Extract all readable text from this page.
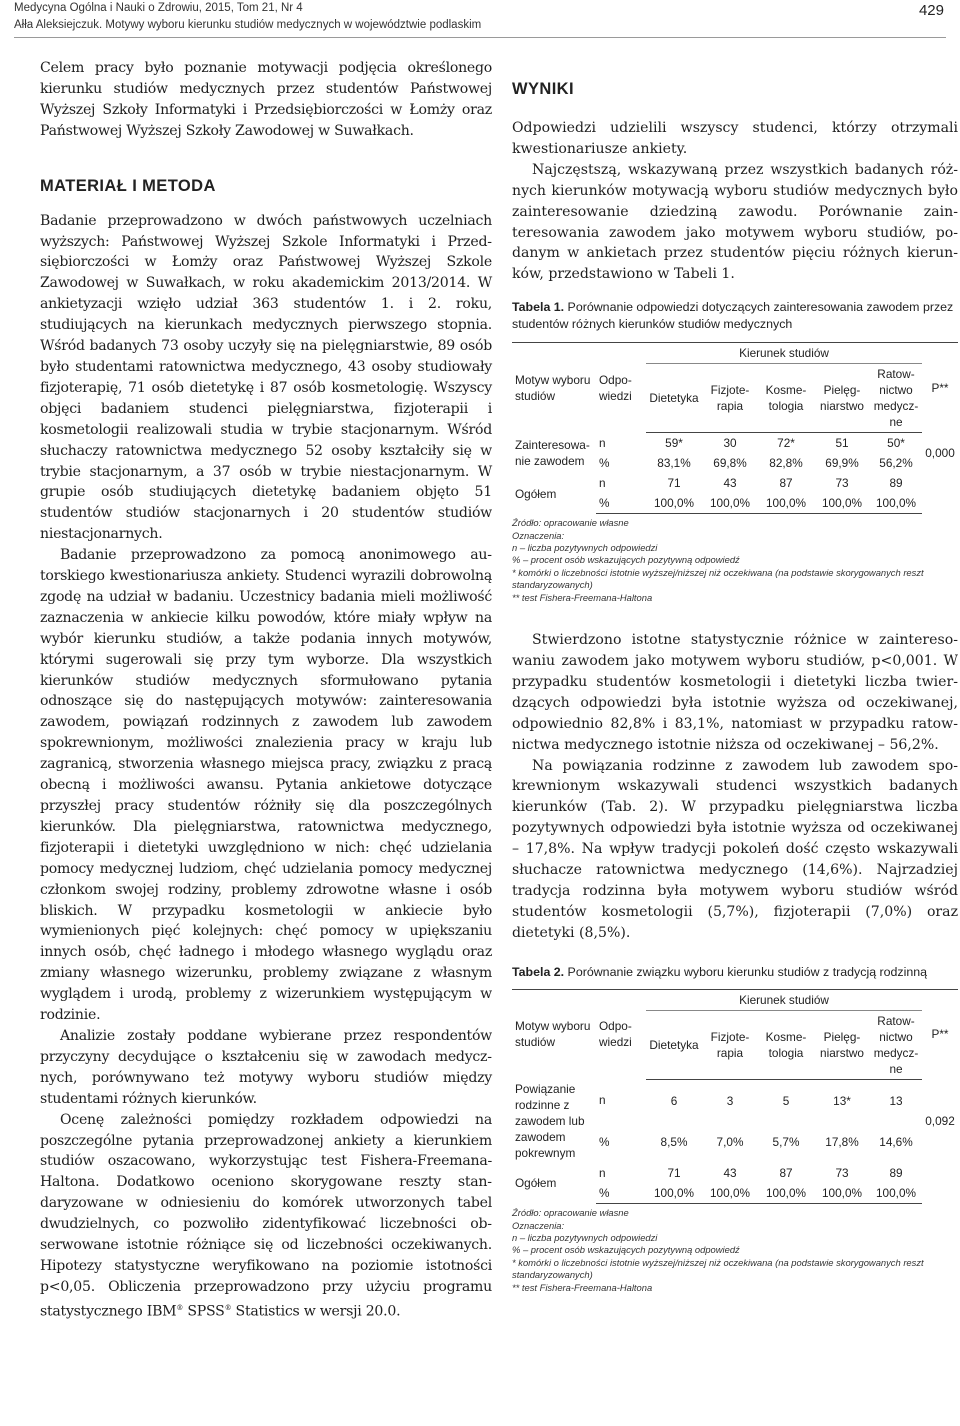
Medycyna Ogólna i Nauki o Zdrowiu, 2015, Tom 21, Nr 4
Ałła Aleksiejczuk. Motywy wyboru kierunku studiów medycznych w województwie podlaskim
429

Celem pracy było poznanie motywacji podjęcia określonego kierunku studiów medycznych przez studentów Państwowej Wyższej Szkoły Informatyki i Przedsiębiorczości w Łomży oraz Państwowej Wyższej Szkoły Zawodowej w Suwałkach.

MATERIAŁ I METODA

Badanie przeprowadzono w dwóch państwowych uczelniach wyższych: Państwowej Wyższej Szkole Informatyki i Przedsiębiorczości w Łomży oraz Państwowej Wyższej Szkole Zawodowej w Suwałkach, w roku akademickim 2013/2014. W ankietyzacji wzięło udział 363 studentów 1. i 2. roku, studiujących na kierunkach medycznych pierwszego stopnia. Wśród badanych 73 osoby uczyły się na pielęgniarstwie, 89 osób było studentami ratownictwa medycznego, 43 osoby studiowały fizjoterapię, 71 osób dietetykę i 87 osób kosmetologię. Wszyscy objęci badaniem studenci pielęgniarstwa, fizjoterapii i kosmetologii realizowali studia w trybie stacjonarnym. Wśród słuchaczy ratownictwa medycznego 52 osoby kształciły się w trybie stacjonarnym, a 37 osób w trybie niestacjonarnym. W grupie osób studiujących dietetykę badaniem objęto 51 studentów studiów stacjonarnych i 20 studentów studiów niestacjonarnych.

Badanie przeprowadzono za pomocą anonimowego autorskiego kwestionariusza ankiety. Studenci wyrazili dobrowolną zgodę na udział w badaniu. Uczestnicy badania mieli możliwość zaznaczenia w ankiecie kilku powodów, które miały wpływ na wybór kierunku studiów, a także podania innych motywów, którymi sugerowali się przy tym wyborze. Dla wszystkich kierunków studiów medycznych sformułowano pytania odnoszące się do następujących motywów: zainteresowania zawodem, powiązań rodzinnych z zawodem lub zawodem spokrewnionym, możliwości znalezienia pracy w kraju lub zagranicą, stworzenia własnego miejsca pracy, związku z pracą obecną i możliwości awansu. Pytania ankietowe dotyczące przyszłej pracy studentów różniły się dla poszczególnych kierunków. Dla pielęgniarstwa, ratownictwa medycznego, fizjoterapii i dietetyki uwzględniono w nich: chęć udzielania pomocy medycznej ludziom, chęć udzielania pomocy medycznej członkom swojej rodziny, problemy zdrowotne własne i osób bliskich. W przypadku kosmetologii w ankiecie było wymienionych pięć kolejnych: chęć pomocy w upiększaniu innych osób, chęć ładnego i młodego własnego wyglądu oraz zmiany własnego wizerunku, problemy związane z własnym wyglądem i urodą, problemy z wizerunkiem występującym w rodzinie.

Analizie zostały poddane wybierane przez respondentów przyczyny decydujące o kształceniu się w zawodach medycznych, porównywano też motywy wyboru studiów między studentami różnych kierunków.

Ocenę zależności pomiędzy rozkładem odpowiedzi na poszczególne pytania przeprowadzonej ankiety a kierunkiem studiów oszacowano, wykorzystując test Fishera-Freemana-Haltona. Dodatkowo oceniono skorygowane reszty standaryzowane w odniesieniu do komórek utworzonych tabel dwudzielnych, co pozwoliło zidentyfikować liczebności obserwowane istotnie różniące się od liczebności oczekiwanych. Hipotezy statystyczne weryfikowano na poziomie istotności p<0,05. Obliczenia przeprowadzono przy użyciu programu statystycznego IBM® SPSS® Statistics w wersji 20.0.

WYNIKI

Odpowiedzi udzielili wszyscy studenci, którzy otrzymali kwestionariusze ankiety.

Najczęstszą, wskazywaną przez wszystkich badanych różnych kierunków motywacją wyboru studiów medycznych było zainteresowanie dziedziną zawodu. Porównanie zainteresowania zawodem jako motywem wyboru studiów, podanym w ankietach przez studentów pięciu różnych kierunków, przedstawiono w Tabeli 1.

Tabela 1. Porównanie odpowiedzi dotyczących zainteresowania zawodem przez studentów różnych kierunków studiów medycznych
Motyw wyboru studiów	Odpowiedzi	Kierunek studiów					P**
		Dietetyka	Fizjoterapia	Kosmetologia	Pielęgniarstwo	Ratownictwo medyczne	
Zainteresowanie zawodem	n	59*	30	72*	51	50*	0,000
	%	83,1%	69,8%	82,8%	69,9%	56,2%	
Ogółem	n	71	43	87	73	89	
	%	100,0%	100,0%	100,0%	100,0%	100,0%	
Źródło: opracowanie własne
Oznaczenia:
n – liczba pozytywnych odpowiedzi
% – procent osób wskazujących pozytywną odpowiedź
* komórki o liczebności istotnie wyższej/niższej niż oczekiwana (na podstawie skorygowanych reszt standaryzowanych)
** test Fishera-Freemana-Haltona

Stwierdzono istotne statystycznie różnice w zainteresowaniu zawodem jako motywem wyboru studiów, p<0,001. W przypadku studentów kosmetologii i dietetyki liczba twierdzących odpowiedzi była istotnie wyższa od oczekiwanej, odpowiednio 82,8% i 83,1%, natomiast w przypadku ratownictwa medycznego istotnie niższa od oczekiwanej – 56,2%.

Na powiązania rodzinne z zawodem lub zawodem spokrewnionym wskazywali studenci wszystkich badanych kierunków (Tab. 2). W przypadku pielęgniarstwa liczba pozytywnych odpowiedzi była istotnie wyższa od oczekiwanej – 17,8%. Na wpływ tradycji pokoleń dość często wskazywali słuchacze ratownictwa medycznego (14,6%). Najrzadziej tradycja rodzinna była motywem wyboru studiów wśród studentów kosmetologii (5,7%), fizjoterapii (7,0%) oraz dietetyki (8,5%).

Tabela 2. Porównanie związku wyboru kierunku studiów z tradycją rodzinną
Motyw wyboru studiów	Odpowiedzi	Kierunek studiów					P**
		Dietetyka	Fizjoterapia	Kosmetologia	Pielęgniarstwo	Ratownictwo medyczne	
Powiązanie rodzinne z zawodem lub zawodem pokrewnym	n	6	3	5	13*	13	0,092
	%	8,5%	7,0%	5,7%	17,8%	14,6%	
Ogółem	n	71	43	87	73	89	
	%	100,0%	100,0%	100,0%	100,0%	100,0%	
Źródło: opracowanie własne
Oznaczenia:
n – liczba pozytywnych odpowiedzi
% – procent osób wskazujących pozytywną odpowiedź
* komórki o liczebności istotnie wyższej/niższej niż oczekiwana (na podstawie skorygowanych reszt standaryzowanych)
** test Fishera-Freemana-Haltona
